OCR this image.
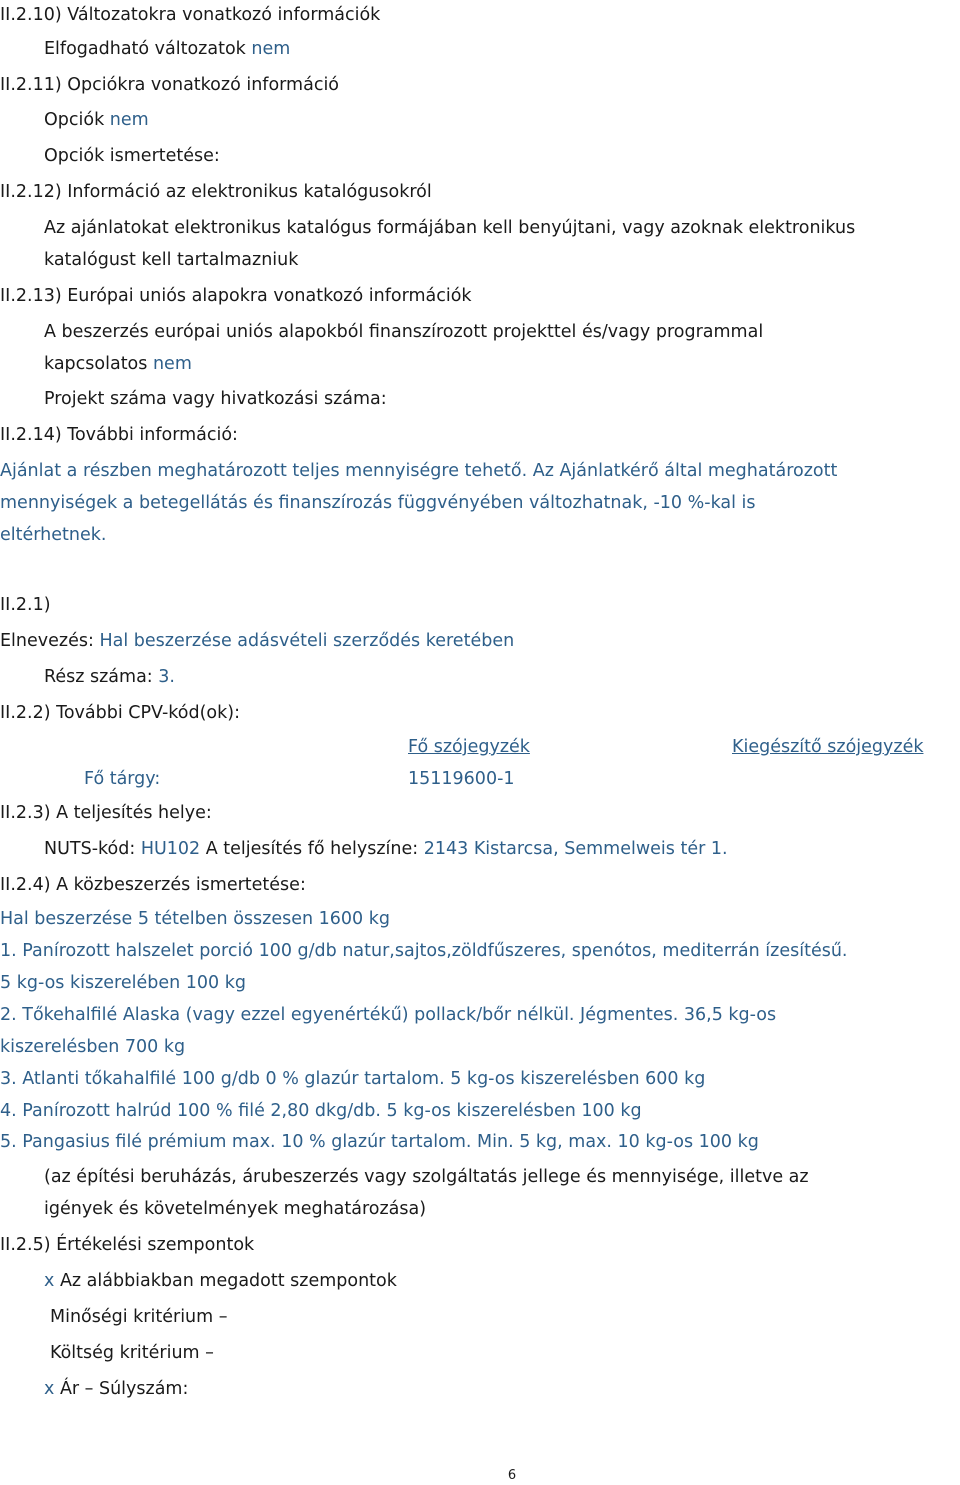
II.2.10) Változatokra vonatkozó információk
Elfogadható változatok nem
II.2.11) Opciókra vonatkozó információ
Opciók nem
Opciók ismertetése:
II.2.12) Információ az elektronikus katalógusokról
Az ajánlatokat elektronikus katalógus formájában kell benyújtani, vagy azoknak elektronikus
katalógust kell tartalmazniuk
II.2.13) Európai uniós alapokra vonatkozó információk
A beszerzés európai uniós alapokból finanszírozott projekttel és/vagy programmal
kapcsolatos nem
Projekt száma vagy hivatkozási száma:
II.2.14) További információ:
Ajánlat a részben meghatározott teljes mennyiségre tehető. Az Ajánlatkérő által meghatározott
mennyiségek a betegellátás és finanszírozás függvényében változhatnak, -10 %-kal is
eltérhetnek.
II.2.1)
Elnevezés: Hal beszerzése adásvételi szerződés keretében
Rész száma: 3.
II.2.2) További CPV-kód(ok):
Fő szójegyzék	Kiegészítő szójegyzék
Fő tárgy:	15119600-1
II.2.3) A teljesítés helye:
NUTS-kód: HU102 A teljesítés fő helyszíne: 2143 Kistarcsa, Semmelweis tér 1.
II.2.4) A közbeszerzés ismertetése:
Hal beszerzése 5 tételben összesen 1600 kg
1. Panírozott halszelet porció 100 g/db natur,sajtos,zöldfűszeres, spenótos, mediterrán ízesítésű.
5 kg-os kiszerelében 100 kg
2. Tőkehalfilé Alaska (vagy ezzel egyenértékű) pollack/bőr nélkül. Jégmentes. 36,5 kg-os
kiszerelésben 700 kg
3. Atlanti tőkahalfilé 100 g/db 0 % glazúr tartalom. 5 kg-os kiszerelésben 600 kg
4. Panírozott halrúd 100 % filé 2,80 dkg/db. 5 kg-os kiszerelésben 100 kg
5. Pangasius filé prémium max. 10 % glazúr tartalom. Min. 5 kg, max. 10 kg-os 100 kg
(az építési beruházás, árubeszerzés vagy szolgáltatás jellege és mennyisége, illetve az
igények és követelmények meghatározása)
II.2.5) Értékelési szempontok
x Az alábbiakban megadott szempontok
Minőségi kritérium –
Költség kritérium –
x Ár – Súlyszám:
6
